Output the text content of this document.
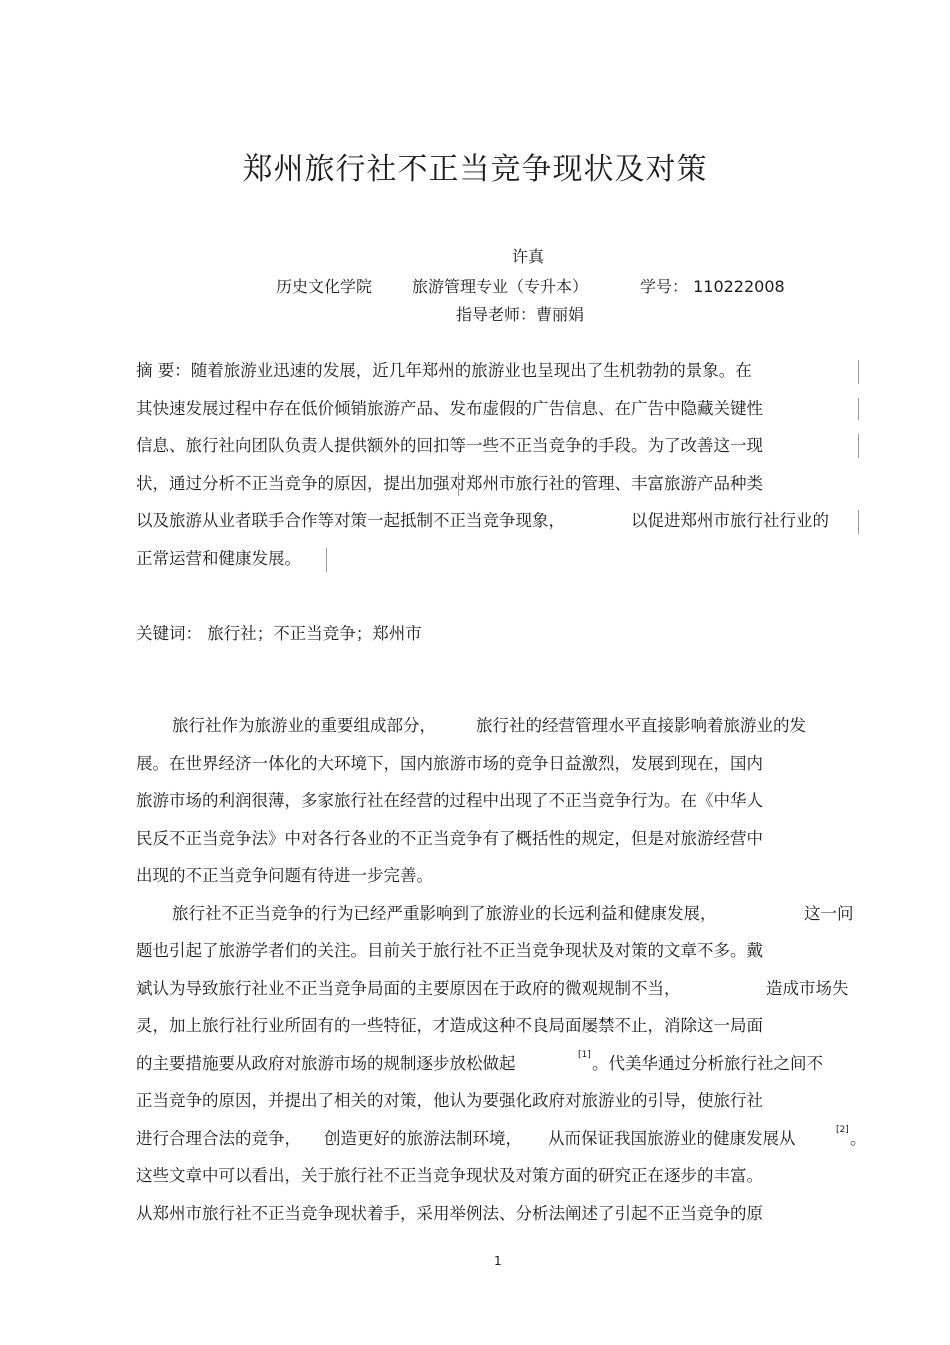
郑州旅行社不正当竞争现状及对策
许真
历史文化学院 旅游管理专业（专升本）	学号： 110222008
指导老师：曹丽娟
摘 要：随着旅游业迅速的发展，近几年郑州的旅游业也呈现出了生机勃勃的景象。在
其快速发展过程中存在低价倾销旅游产品、发布虚假的广告信息、在广告中隐藏关键性
信息、旅行社向团队负责人提供额外的回扣等一些不正当竞争的手段。为了改善这一现
状，通过分析不正当竞争的原因，提出加强对郑州市旅行社的管理、丰富旅游产品种类
以及旅游从业者联手合作等对策一起抵制不正当竞争现象，	以促进郑州市旅行社行业的
正常运营和健康发展。
关键词： 旅行社；不正当竞争；郑州市
旅行社作为旅游业的重要组成部分， 旅行社的经营管理水平直接影响着旅游业的发
展。在世界经济一体化的大环境下，国内旅游市场的竞争日益激烈，发展到现在，国内
旅游市场的利润很薄，多家旅行社在经营的过程中出现了不正当竞争行为。在《中华人
民反不正当竞争法》中对各行各业的不正当竞争有了概括性的规定，但是对旅游经营中
出现的不正当竞争问题有待进一步完善。
旅行社不正当竞争的行为已经严重影响到了旅游业的长远利益和健康发展，	这一问
题也引起了旅游学者们的关注。目前关于旅行社不正当竞争现状及对策的文章不多。戴
斌认为导致旅行社业不正当竞争局面的主要原因在于政府的微观规制不当，	造成市场失
灵，加上旅行社行业所固有的一些特征，才造成这种不良局面屡禁不止，消除这一局面
的主要措施要从政府对旅游市场的规制逐步放松做起	[1] 。代美华通过分析旅行社之间不
正当竞争的原因，并提出了相关的对策，他认为要强化政府对旅游业的引导，使旅行社
进行合理合法的竞争， 创造更好的旅游法制环境， 从而保证我国旅游业的健康发展从	[2] 。
这些文章中可以看出，关于旅行社不正当竞争现状及对策方面的研究正在逐步的丰富。
从郑州市旅行社不正当竞争现状着手，采用举例法、分析法阐述了引起不正当竞争的原
1
